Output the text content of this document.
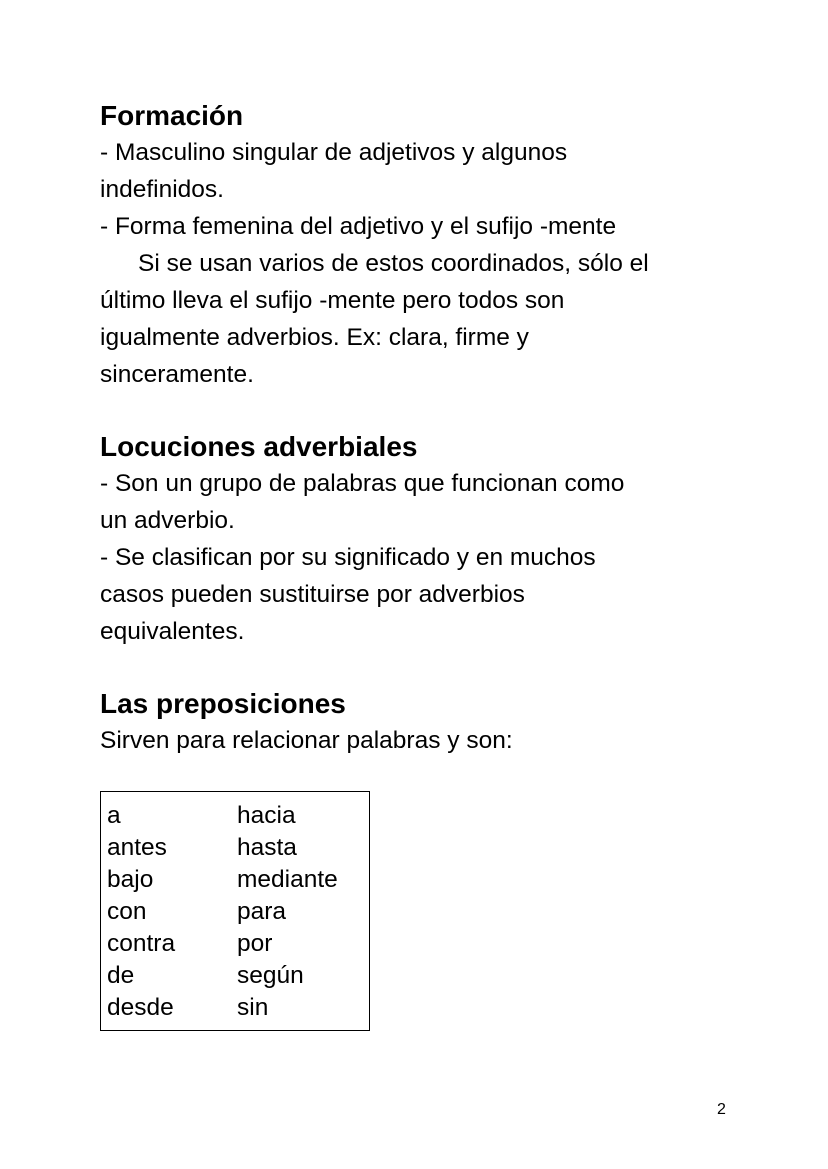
Formación

- Masculino singular de adjetivos y algunos

indefinidos.

- Forma femenina del adjetivo y el sufijo -mente

Si se usan varios de estos coordinados, sólo el

último lleva el sufijo -mente pero todos son

igualmente adverbios. Ex: clara, firme y

sinceramente.

Locuciones adverbiales

- Son un grupo de palabras que funcionan como

un adverbio.

- Se clasifican por su significado y en muchos

casos pueden sustituirse por adverbios

equivalentes.

Las preposiciones

Sirven para relacionar palabras y son:

a	hacia
antes	hasta
bajo	mediante
con	para
contra	por
de	según
desde	sin
2
